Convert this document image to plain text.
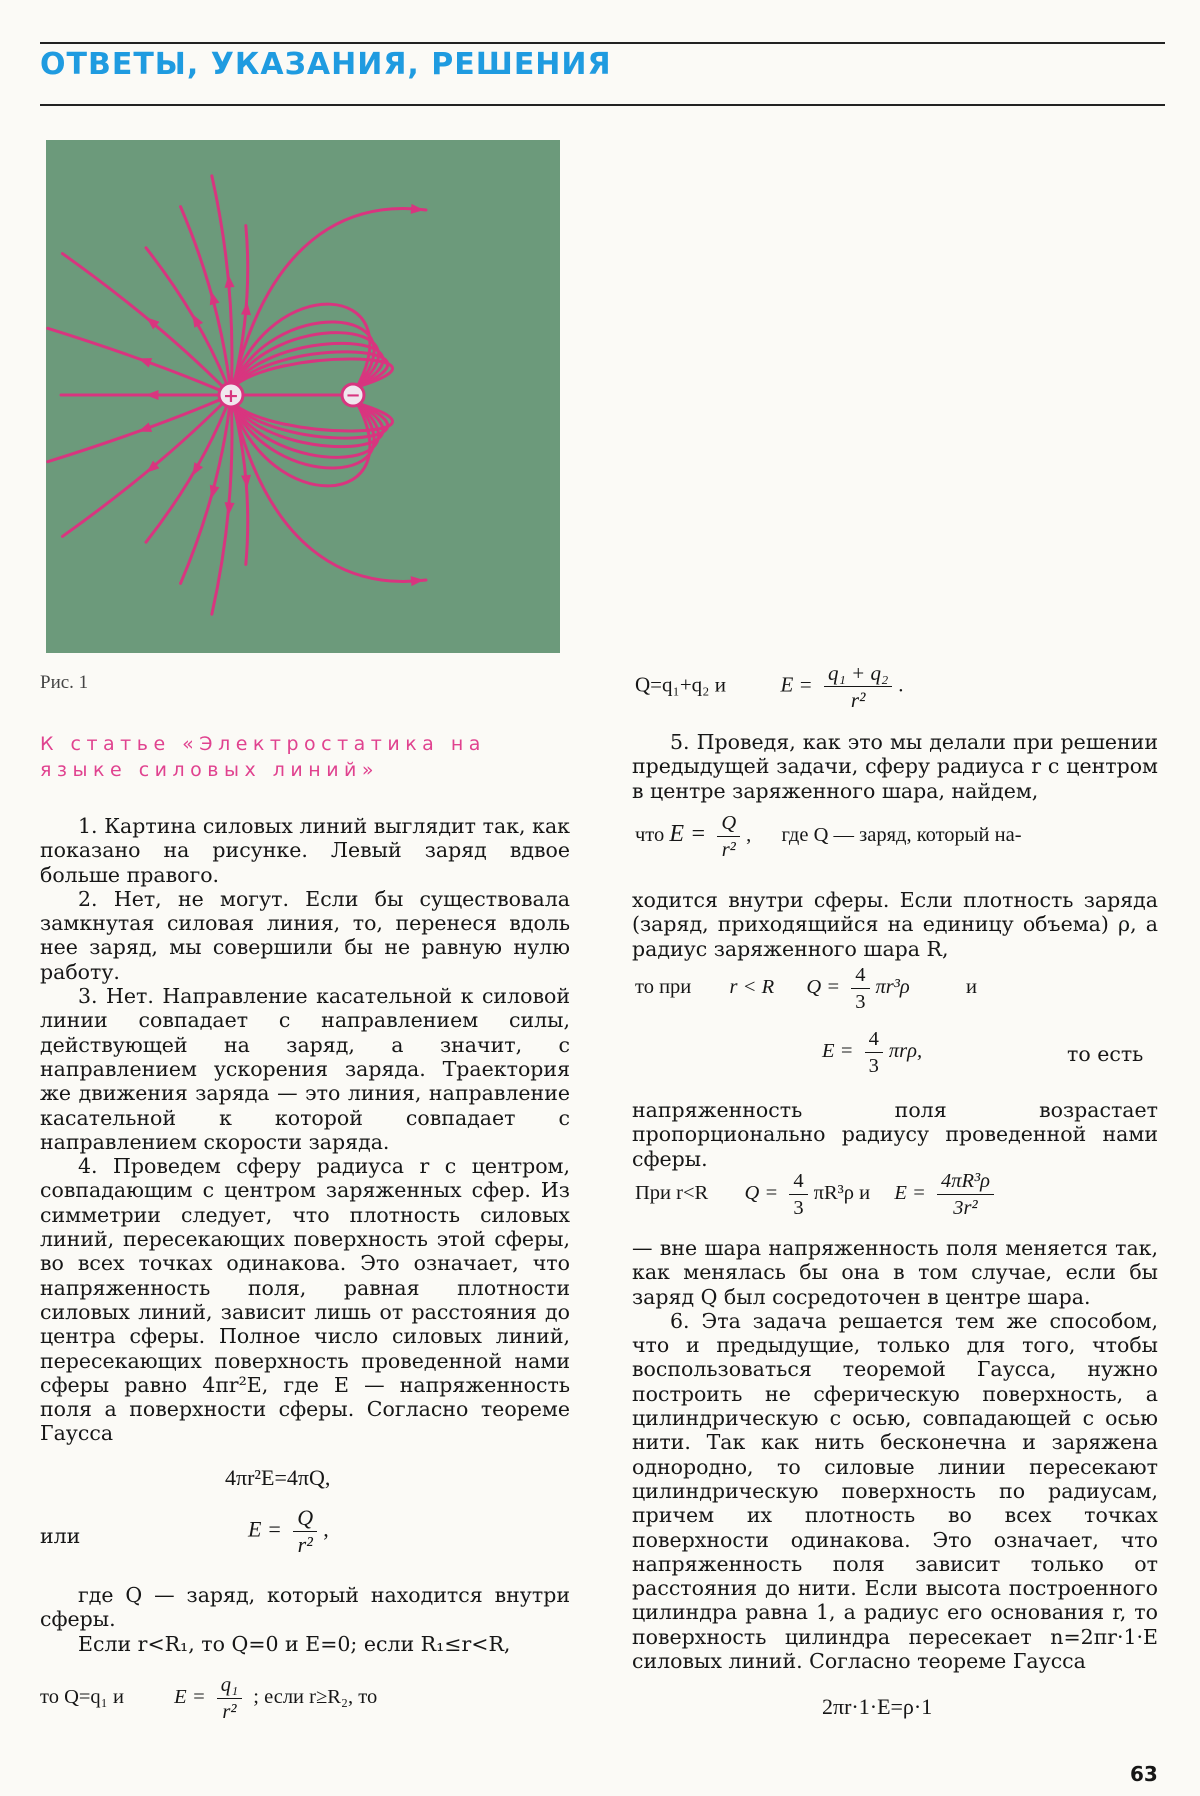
ОТВЕТЫ, УКАЗАНИЯ, РЕШЕНИЯ
+	−
Рис. 1
К статье «Электростатика на языке силовых линий»

1. Картина силовых линий выглядит так, как показано на рисунке. Левый заряд вдвое больше правого.

2. Нет, не могут. Если бы существовала замкнутая силовая линия, то, перенеся вдоль нее заряд, мы совершили бы не равную нулю работу.

3. Нет. Направление касательной к силовой линии совпадает с направлением силы, действующей на заряд, а значит, с направлением ускорения заряда. Траектория же движения заряда — это линия, направление касательной к которой совпадает с направлением скорости заряда.

4. Проведем сферу радиуса r с центром, совпадающим с центром заряженных сфер. Из симметрии следует, что плотность силовых линий, пересекающих поверхность этой сферы, во всех точках одинакова. Это означает, что напряженность поля, равная плотности силовых линий, зависит лишь от расстояния до центра сферы. Полное число силовых линий, пересекающих поверхность проведенной нами сферы равно 4πr²E, где E — напряженность поля а поверхности сферы. Согласно теореме Гаусса

4πr²E=4πQ,
или	$E = \frac{Q}{\text{r²}}$ ,

где Q — заряд, который находится внутри сферы.

Если r<R₁, то Q=0 и E=0; если R₁≤r<R,

то Q=q₁ и $E = \frac{\text{q₁}}{\text{r²}}$ ; если r≥R₂, то
Q=q₁+q₂ и	$E = \frac{\text{q₁ + q₂}}{\text{r²}}$ .

5. Проведя, как это мы делали при решении предыдущей задачи, сферу радиуса r с центром в центре заряженного шара, найдем,

что $E = \frac{Q}{\text{r²}}$ ,  где Q — заряд, который на-

ходится внутри сферы. Если плотность заряда (заряд, приходящийся на единицу объема) ρ, а радиус заряженного шара R,

то при r < R $Q = \frac{4}{3} \pi r^3\rho$	и
$E = \frac{4}{3} \pi r\rho$,	то есть

напряженность поля возрастает пропорционально радиусу проведенной нами сферы.

При r<R $Q = \frac{4}{3} \pi R^3\rho$ и $E = \frac{\text{4πR³ρ}}{\text{3r²}}$

— вне шара напряженность поля меняется так, как менялась бы она в том случае, если бы заряд Q был сосредоточен в центре шара.

6. Эта задача решается тем же способом, что и предыдущие, только для того, чтобы воспользоваться теоремой Гаусса, нужно построить не сферическую поверхность, а цилиндрическую с осью, совпадающей с осью нити. Так как нить бесконечна и заряжена однородно, то силовые линии пересекают цилиндрическую поверхность по радиусам, причем их плотность во всех точках поверхности одинакова. Это означает, что напряженность поля зависит только от расстояния до нити. Если высота построенного цилиндра равна 1, а радиус его основания r, то поверхность цилиндра пересекает n=2πr·1·E силовых линий. Согласно теореме Гаусса

2πr·1·E=ρ·1
63
